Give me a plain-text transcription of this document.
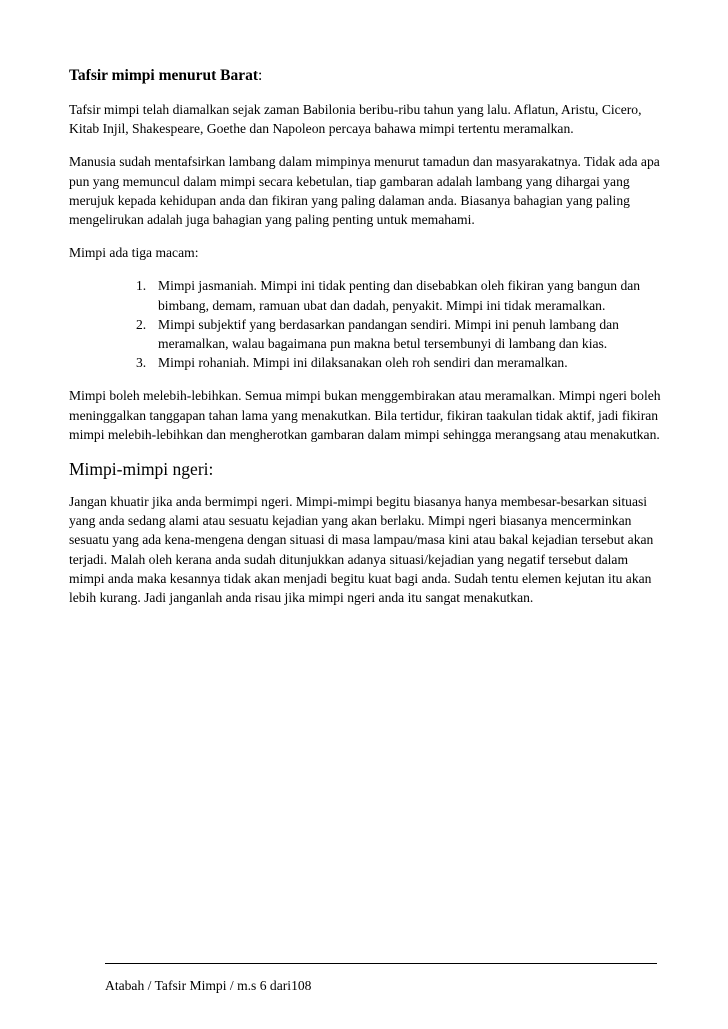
Tafsir mimpi menurut Barat:

Tafsir mimpi telah diamalkan sejak zaman Babilonia beribu-ribu tahun yang lalu. Aflatun, Aristu, Cicero, Kitab Injil, Shakespeare, Goethe dan Napoleon percaya bahawa mimpi tertentu meramalkan.

Manusia sudah mentafsirkan lambang dalam mimpinya menurut tamadun dan masyarakatnya. Tidak ada apa pun yang memuncul dalam mimpi secara kebetulan, tiap gambaran adalah lambang yang dihargai yang merujuk kepada kehidupan anda dan fikiran yang paling dalaman anda. Biasanya bahagian yang paling mengelirukan adalah juga bahagian yang paling penting untuk memahami.

Mimpi ada tiga macam:

1. Mimpi jasmaniah. Mimpi ini tidak penting dan disebabkan oleh fikiran yang bangun dan bimbang, demam, ramuan ubat dan dadah, penyakit. Mimpi ini tidak meramalkan.
2. Mimpi subjektif yang berdasarkan pandangan sendiri. Mimpi ini penuh lambang dan meramalkan, walau bagaimana pun makna betul tersembunyi di lambang dan kias.
3. Mimpi rohaniah. Mimpi ini dilaksanakan oleh roh sendiri dan meramalkan.

Mimpi boleh melebih-lebihkan. Semua mimpi bukan menggembirakan atau meramalkan. Mimpi ngeri boleh meninggalkan tanggapan tahan lama yang menakutkan. Bila tertidur, fikiran taakulan tidak aktif, jadi fikiran mimpi melebih-lebihkan dan mengherotkan gambaran dalam mimpi sehingga merangsang atau menakutkan.

Mimpi-mimpi ngeri:

Jangan khuatir jika anda bermimpi ngeri. Mimpi-mimpi begitu biasanya hanya membesar-besarkan situasi yang anda sedang alami atau sesuatu kejadian yang akan berlaku. Mimpi ngeri biasanya mencerminkan sesuatu yang ada kena-mengena dengan situasi di masa lampau/masa kini atau bakal kejadian tersebut akan terjadi. Malah oleh kerana anda sudah ditunjukkan adanya situasi/kejadian yang negatif tersebut dalam mimpi anda maka kesannya tidak akan menjadi begitu kuat bagi anda. Sudah tentu elemen kejutan itu akan lebih kurang. Jadi janganlah anda risau jika mimpi ngeri anda itu sangat menakutkan.

Atabah / Tafsir Mimpi / m.s 6 dari108
